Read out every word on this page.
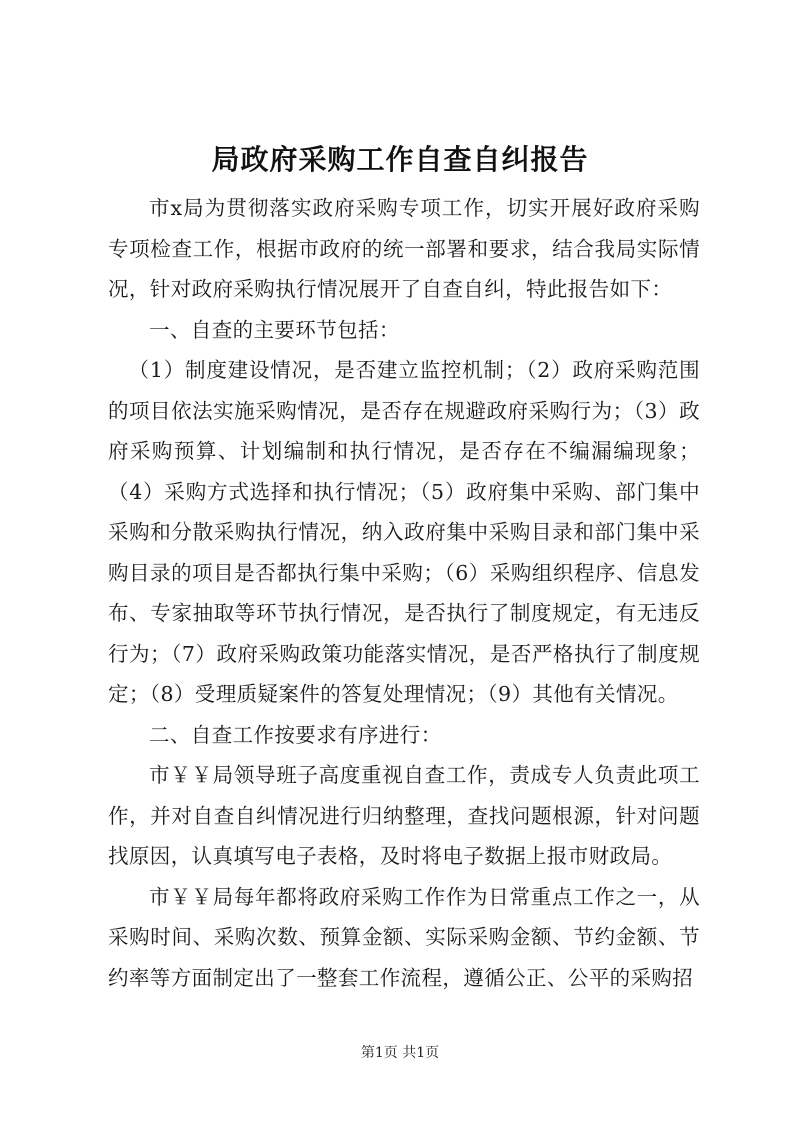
局政府采购工作自查自纠报告

市x局为贯彻落实政府采购专项工作，切实开展好政府采购专项检查工作，根据市政府的统一部署和要求，结合我局实际情况，针对政府采购执行情况展开了自查自纠，特此报告如下：

一、自查的主要环节包括：

（1）制度建设情况，是否建立监控机制；（2）政府采购范围的项目依法实施采购情况，是否存在规避政府采购行为；（3）政府采购预算、计划编制和执行情况，是否存在不编漏编现象；（4）采购方式选择和执行情况；（5）政府集中采购、部门集中采购和分散采购执行情况，纳入政府集中采购目录和部门集中采购目录的项目是否都执行集中采购；（6）采购组织程序、信息发布、专家抽取等环节执行情况，是否执行了制度规定，有无违反行为；（7）政府采购政策功能落实情况，是否严格执行了制度规定；（8）受理质疑案件的答复处理情况；（9）其他有关情况。

二、自查工作按要求有序进行：

市￥￥局领导班子高度重视自查工作，责成专人负责此项工作，并对自查自纠情况进行归纳整理，查找问题根源，针对问题找原因，认真填写电子表格，及时将电子数据上报市财政局。

市￥￥局每年都将政府采购工作作为日常重点工作之一，从采购时间、采购次数、预算金额、实际采购金额、节约金额、节约率等方面制定出了一整套工作流程，遵循公正、公平的采购招

第1页 共1页
